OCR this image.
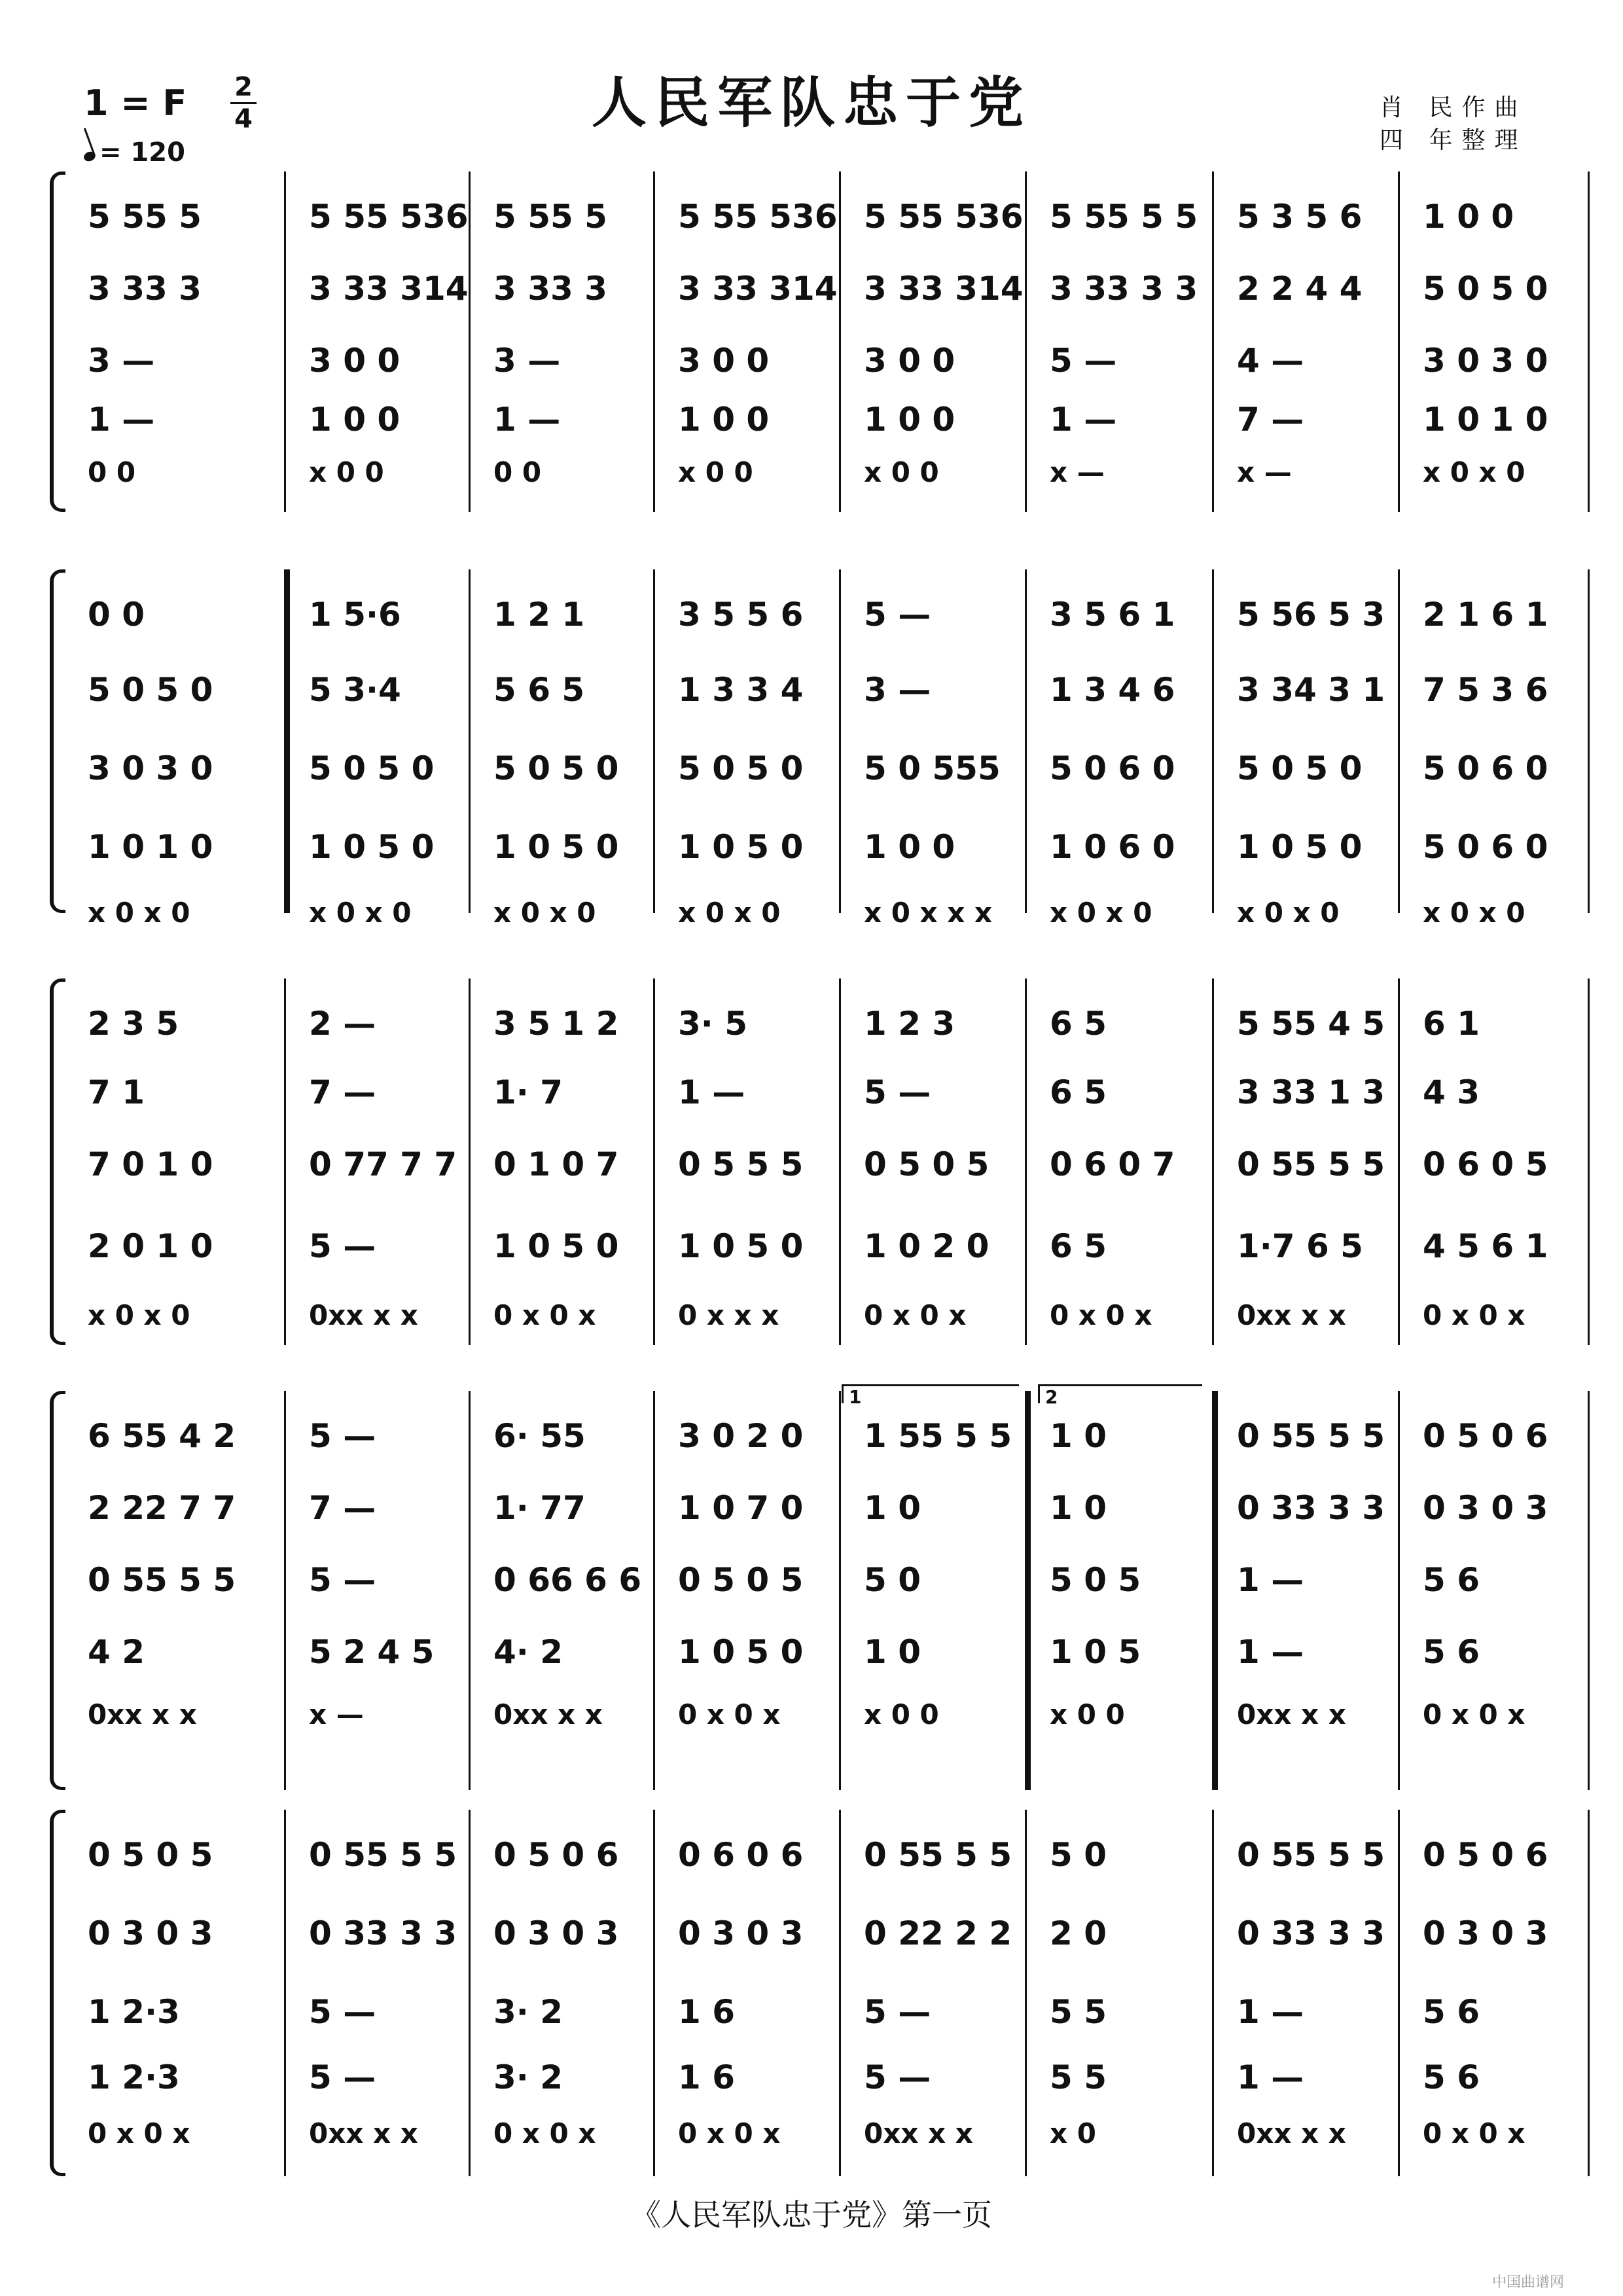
人民军队忠于党
1 = F 2
4
= 120
肖 民作曲
四 年整理
5 55 5
3 33 3
3 —
1 —
0 0
5 55 536
3 33 314
3 0 0
1 0 0
x 0 0
5 55 5
3 33 3
3 —
1 —
0 0
5 55 536
3 33 314
3 0 0
1 0 0
x 0 0
5 55 536
3 33 314
3 0 0
1 0 0
x 0 0
5 55 5 5
3 33 3 3
5 —
1 —
x —
5 3 5 6
2 2 4 4
4 —
7 —
x —
1 0 0
5 0 5 0
3 0 3 0
1 0 1 0
x 0 x 0
0 0
5 0 5 0
3 0 3 0
1 0 1 0
x 0 x 0
1 5·6
5 3·4
5 0 5 0
1 0 5 0
x 0 x 0
1 2 1
5 6 5
5 0 5 0
1 0 5 0
x 0 x 0
3 5 5 6
1 3 3 4
5 0 5 0
1 0 5 0
x 0 x 0
5 —
3 —
5 0 555
1 0 0
x 0 x x x
3 5 6 1
1 3 4 6
5 0 6 0
1 0 6 0
x 0 x 0
5 56 5 3
3 34 3 1
5 0 5 0
1 0 5 0
x 0 x 0
2 1 6 1
7 5 3 6
5 0 6 0
5 0 6 0
x 0 x 0
2 3 5
7 1
7 0 1 0
2 0 1 0
x 0 x 0
2 —
7 —
0 77 7 7
5 —
0xx x x
3 5 1 2
1· 7
0 1 0 7
1 0 5 0
0 x 0 x
3· 5
1 —
0 5 5 5
1 0 5 0
0 x x x
1 2 3
5 —
0 5 0 5
1 0 2 0
0 x 0 x
6 5
6 5
0 6 0 7
6 5
0 x 0 x
5 55 4 5
3 33 1 3
0 55 5 5
1·7 6 5
0xx x x
6 1
4 3
0 6 0 5
4 5 6 1
0 x 0 x
6 55 4 2
2 22 7 7
0 55 5 5
4 2
0xx x x
5 —
7 —
5 —
5 2 4 5
x —
6· 55
1· 77
0 66 6 6
4· 2
0xx x x
3 0 2 0
1 0 7 0
0 5 0 5
1 0 5 0
0 x 0 x
1 55 5 5
1 0
5 0
1 0
x 0 0
1 0
1 0
5 0 5
1 0 5
x 0 0
0 55 5 5
0 33 3 3
1 —
1 —
0xx x x
0 5 0 6
0 3 0 3
5 6
5 6
0 x 0 x
1	2
0 5 0 5
0 3 0 3
1 2·3
1 2·3
0 x 0 x
0 55 5 5
0 33 3 3
5 —
5 —
0xx x x
0 5 0 6
0 3 0 3
3· 2
3· 2
0 x 0 x
0 6 0 6
0 3 0 3
1 6
1 6
0 x 0 x
0 55 5 5
0 22 2 2
5 —
5 —
0xx x x
5 0
2 0
5 5
5 5
x 0
0 55 5 5
0 33 3 3
1 —
1 —
0xx x x
0 5 0 6
0 3 0 3
5 6
5 6
0 x 0 x
《人民军队忠于党》第一页
中国曲谱网
